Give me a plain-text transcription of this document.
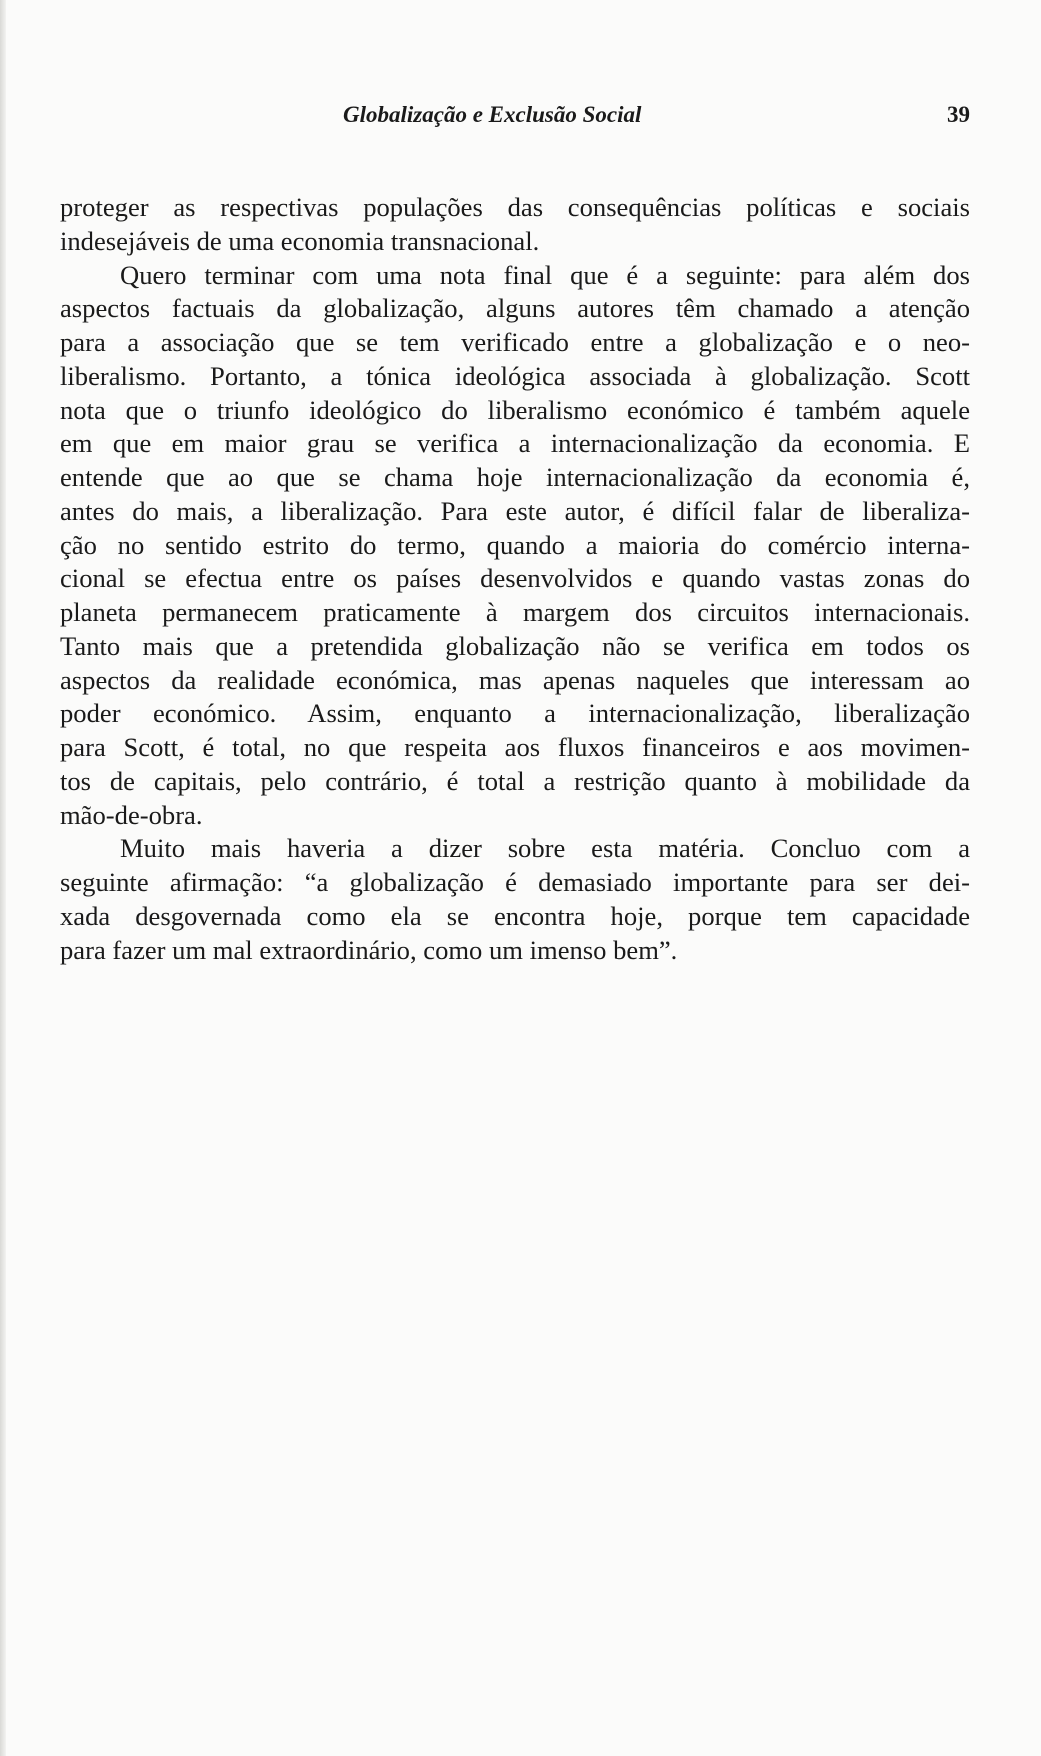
Globalização e Exclusão Social	39
proteger as respectivas populações das consequências políticas e sociais
indesejáveis de uma economia transnacional.
Quero terminar com uma nota final que é a seguinte: para além dos
aspectos factuais da globalização, alguns autores têm chamado a atenção
para a associação que se tem verificado entre a globalização e o neo-
liberalismo. Portanto, a tónica ideológica associada à globalização. Scott
nota que o triunfo ideológico do liberalismo económico é também aquele
em que em maior grau se verifica a internacionalização da economia. E
entende que ao que se chama hoje internacionalização da economia é,
antes do mais, a liberalização. Para este autor, é difícil falar de liberaliza-
ção no sentido estrito do termo, quando a maioria do comércio interna-
cional se efectua entre os países desenvolvidos e quando vastas zonas do
planeta permanecem praticamente à margem dos circuitos internacionais.
Tanto mais que a pretendida globalização não se verifica em todos os
aspectos da realidade económica, mas apenas naqueles que interessam ao
poder económico. Assim, enquanto a internacionalização, liberalização
para Scott, é total, no que respeita aos fluxos financeiros e aos movimen-
tos de capitais, pelo contrário, é total a restrição quanto à mobilidade da
mão-de-obra.
Muito mais haveria a dizer sobre esta matéria. Concluo com a
seguinte afirmação: “a globalização é demasiado importante para ser dei-
xada desgovernada como ela se encontra hoje, porque tem capacidade
para fazer um mal extraordinário, como um imenso bem”.
